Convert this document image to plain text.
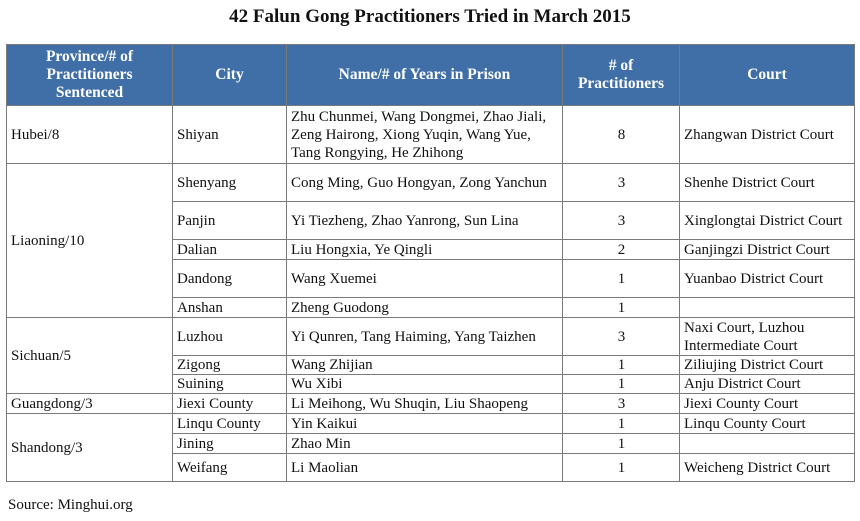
42 Falun Gong Practitioners Tried in March 2015
Province/# of
Practitioners
Sentenced	City	Name/# of Years in Prison	# of
Practitioners	Court
Hubei/8	Shiyan	Zhu Chunmei, Wang Dongmei, Zhao Jiali, Zeng Hairong, Xiong Yuqin, Wang Yue, Tang Rongying, He Zhihong	8	Zhangwan District Court
Liaoning/10	Shenyang	Cong Ming, Guo Hongyan, Zong Yanchun	3	Shenhe District Court
	Panjin	Yi Tiezheng, Zhao Yanrong, Sun Lina	3	Xinglongtai District Court
	Dalian	Liu Hongxia, Ye Qingli	2	Ganjingzi District Court
	Dandong	Wang Xuemei	1	Yuanbao District Court
	Anshan	Zheng Guodong	1	
Sichuan/5	Luzhou	Yi Qunren, Tang Haiming, Yang Taizhen	3	Naxi Court, Luzhou Intermediate Court
	Zigong	Wang Zhijian	1	Ziliujing District Court
	Suining	Wu Xibi	1	Anju District Court
Guangdong/3	Jiexi County	Li Meihong, Wu Shuqin, Liu Shaopeng	3	Jiexi County Court
Shandong/3	Linqu County	Yin Kaikui	1	Linqu County Court
	Jining	Zhao Min	1	
	Weifang	Li Maolian	1	Weicheng District Court
Source: Minghui.org
